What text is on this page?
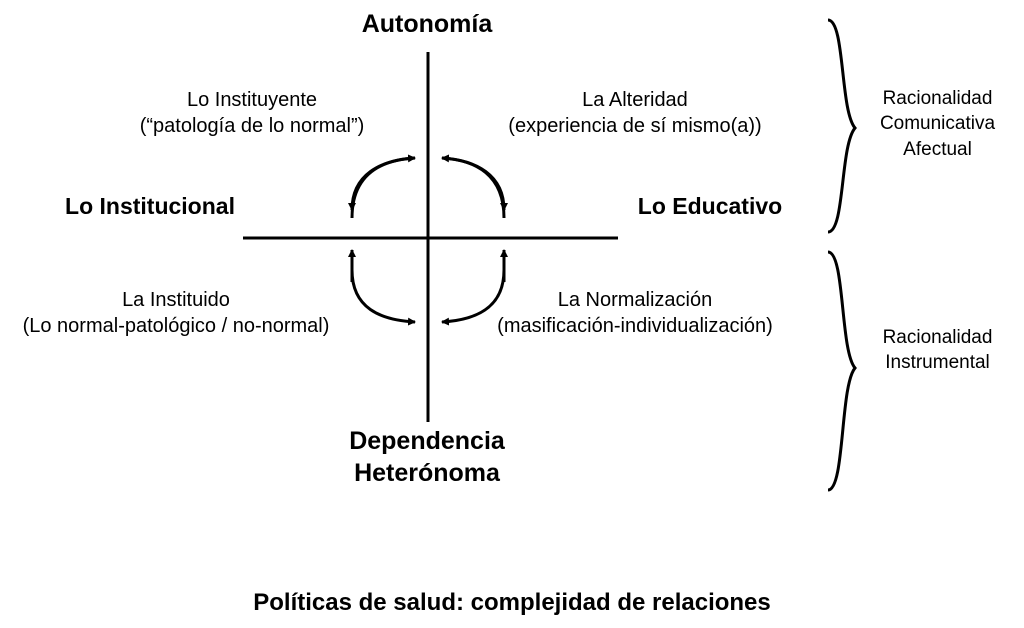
Autonomía
Dependencia
Heterónoma
Lo Institucional	Lo Educativo
Lo Instituyente
(“patología de lo normal”)
La Alteridad
(experiencia de sí mismo(a))
La Instituido
(Lo normal-patológico / no-normal)
La Normalización
(masificación-individualización)
Racionalidad
Comunicativa
Afectual
Racionalidad
Instrumental
Políticas de salud: complejidad de relaciones
